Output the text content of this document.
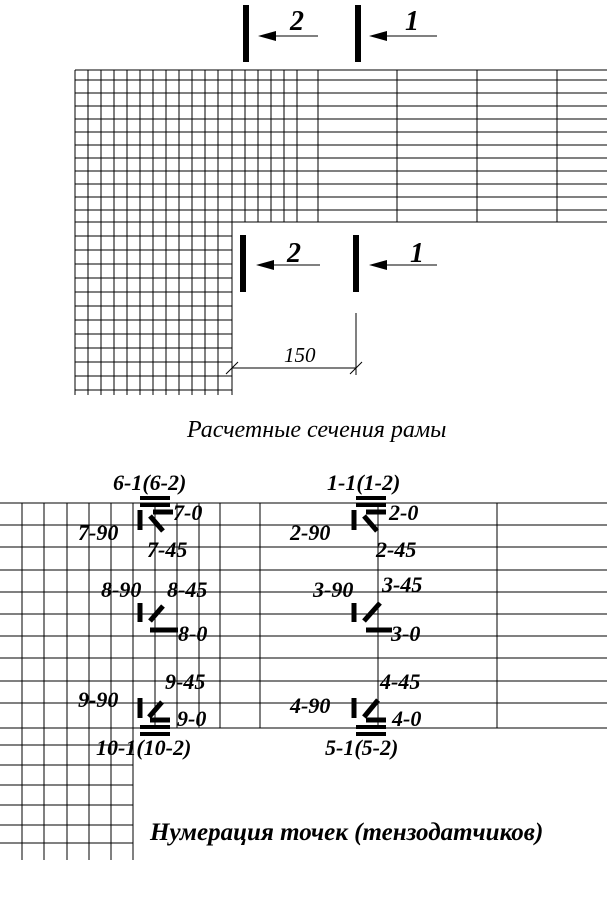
2	1
2	1
150
Расчетные сечения рамы
6-1(6-2)
7-0
7-90
7-45
8-90 8-45
8-0
9-45
9-90
9-0
10-1(10-2)
1-1(1-2)
2-0
2-90
2-45
3-90 3-45
3-0
4-45
4-90
4-0
5-1(5-2)
Нумерация точек (тензодатчиков)
